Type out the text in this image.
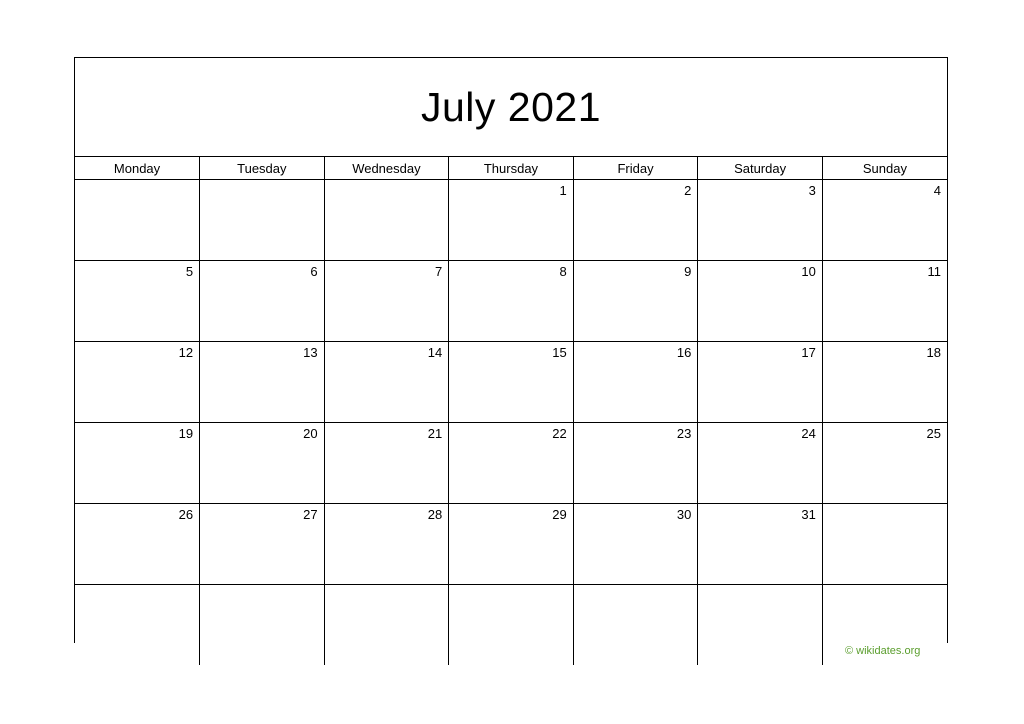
July 2021
Monday	Tuesday	Wednesday	Thursday	Friday	Saturday	Sunday
			1	2	3	4
5	6	7	8	9	10	11
12	13	14	15	16	17	18
19	20	21	22	23	24	25
26	27	28	29	30	31	

© wikidates.org
